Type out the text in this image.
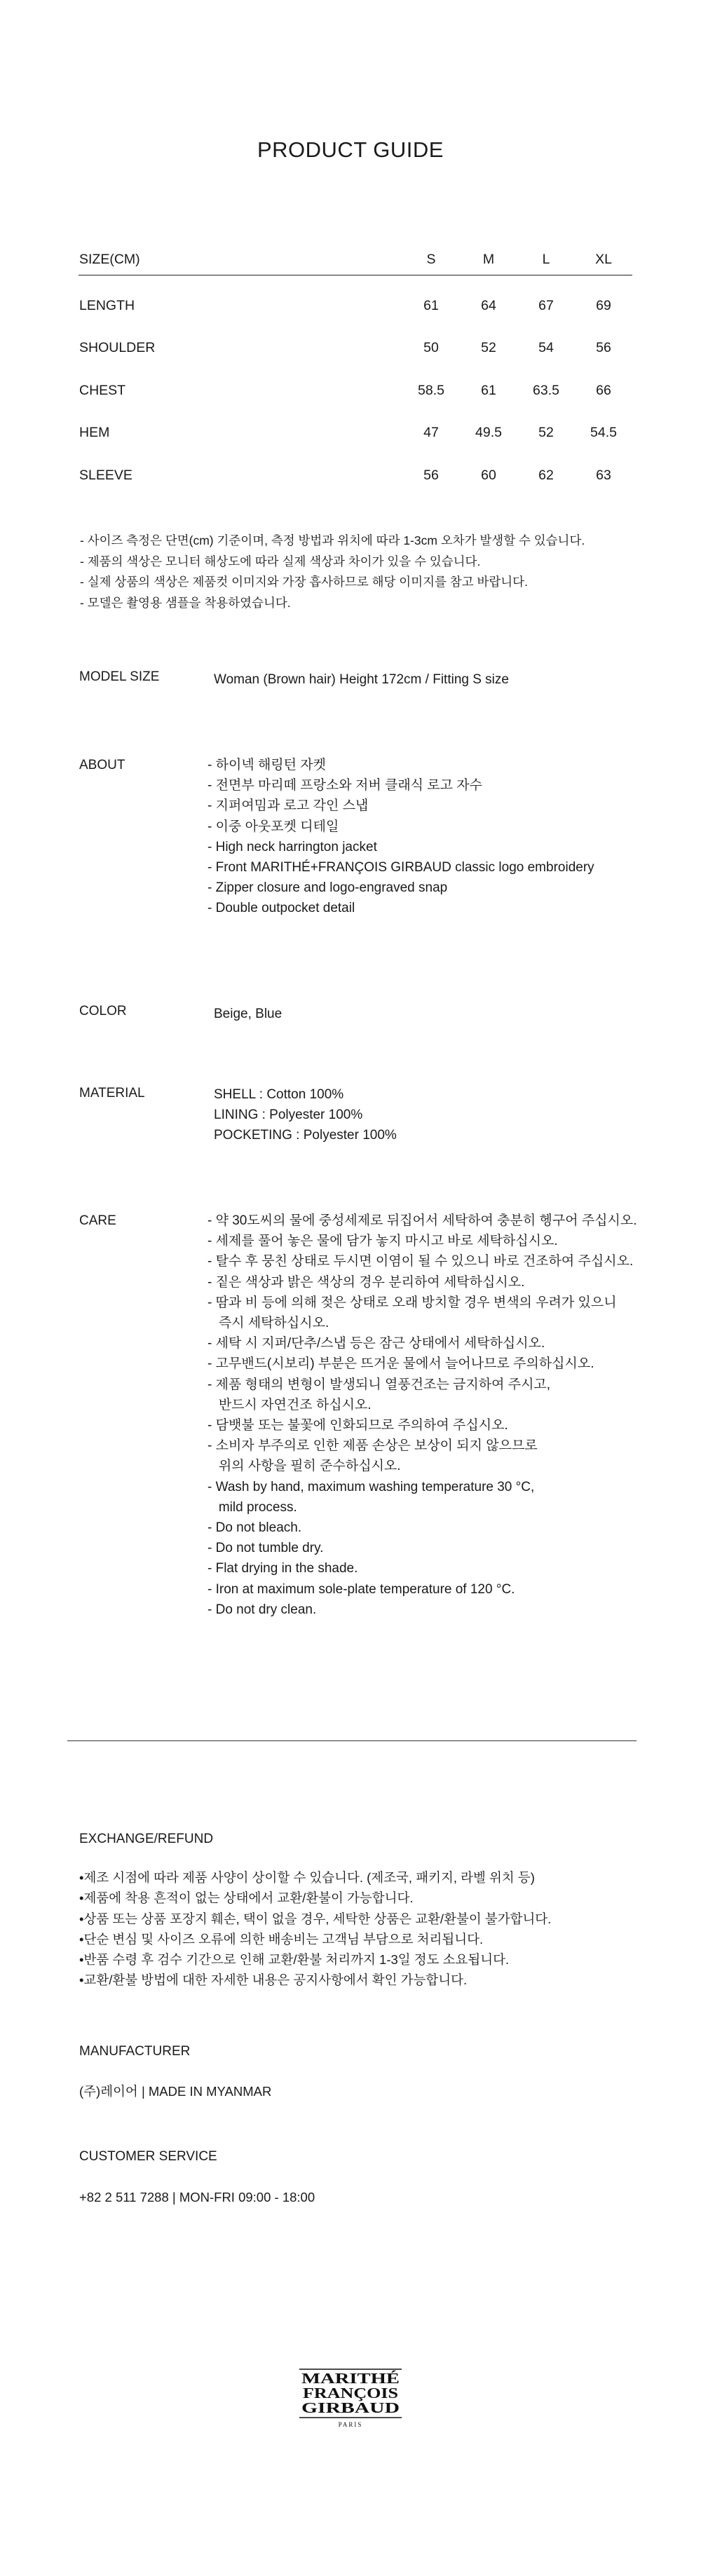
PRODUCT GUIDE
SIZE(CM)	S	M	L	XL
LENGTH	61	64	67	69
SHOULDER	50	52	54	56
CHEST	58.5	61	63.5	66
HEM	47	49.5	52	54.5
SLEEVE	56	60	62	63
- 사이즈 측정은 단면(cm) 기준이며, 측정 방법과 위치에 따라 1-3cm 오차가 발생할 수 있습니다.
- 제품의 색상은 모니터 해상도에 따라 실제 색상과 차이가 있을 수 있습니다.
- 실제 상품의 색상은 제품컷 이미지와 가장 흡사하므로 해당 이미지를 참고 바랍니다.
- 모델은 촬영용 샘플을 착용하였습니다.
MODEL SIZE	Woman (Brown hair) Height 172cm / Fitting S size
ABOUT	- 하이넥 해링턴 자켓
- 전면부 마리떼 프랑소와 저버 클래식 로고 자수
- 지퍼여밈과 로고 각인 스냅
- 이중 아웃포켓 디테일
- High neck harrington jacket
- Front MARITHÉ+FRANÇOIS GIRBAUD classic logo embroidery
- Zipper closure and logo-engraved snap
- Double outpocket detail
COLOR	Beige, Blue
MATERIAL	SHELL : Cotton 100%
LINING : Polyester 100%
POCKETING : Polyester 100%
CARE	- 약 30도씨의 물에 중성세제로 뒤집어서 세탁하여 충분히 헹구어 주십시오.
- 세제를 풀어 놓은 물에 담가 놓지 마시고 바로 세탁하십시오.
- 탈수 후 뭉친 상태로 두시면 이염이 될 수 있으니 바로 건조하여 주십시오.
- 짙은 색상과 밝은 색상의 경우 분리하여 세탁하십시오.
- 땀과 비 등에 의해 젖은 상태로 오래 방치할 경우 변색의 우려가 있으니
즉시 세탁하십시오.
- 세탁 시 지퍼/단추/스냅 등은 잠근 상태에서 세탁하십시오.
- 고무밴드(시보리) 부분은 뜨거운 물에서 늘어나므로 주의하십시오.
- 제품 형태의 변형이 발생되니 열풍건조는 금지하여 주시고,
반드시 자연건조 하십시오.
- 담뱃불 또는 불꽃에 인화되므로 주의하여 주십시오.
- 소비자 부주의로 인한 제품 손상은 보상이 되지 않으므로
위의 사항을 필히 준수하십시오.
- Wash by hand, maximum washing temperature 30 °C,
mild process.
- Do not bleach.
- Do not tumble dry.
- Flat drying in the shade.
- Iron at maximum sole-plate temperature of 120 °C.
- Do not dry clean.
EXCHANGE/REFUND
•제조 시점에 따라 제품 사양이 상이할 수 있습니다. (제조국, 패키지, 라벨 위치 등)
•제품에 착용 흔적이 없는 상태에서 교환/환불이 가능합니다.
•상품 또는 상품 포장지 훼손, 택이 없을 경우, 세탁한 상품은 교환/환불이 불가합니다.
•단순 변심 및 사이즈 오류에 의한 배송비는 고객님 부담으로 처리됩니다.
•반품 수령 후 검수 기간으로 인해 교환/환불 처리까지 1-3일 정도 소요됩니다.
•교환/환불 방법에 대한 자세한 내용은 공지사항에서 확인 가능합니다.
MANUFACTURER
(주)레이어 | MADE IN MYANMAR
CUSTOMER SERVICE
+82 2 511 7288 | MON-FRI 09:00 - 18:00
MARITHÉ
FRANÇOIS
GIRBAUD
PARIS
